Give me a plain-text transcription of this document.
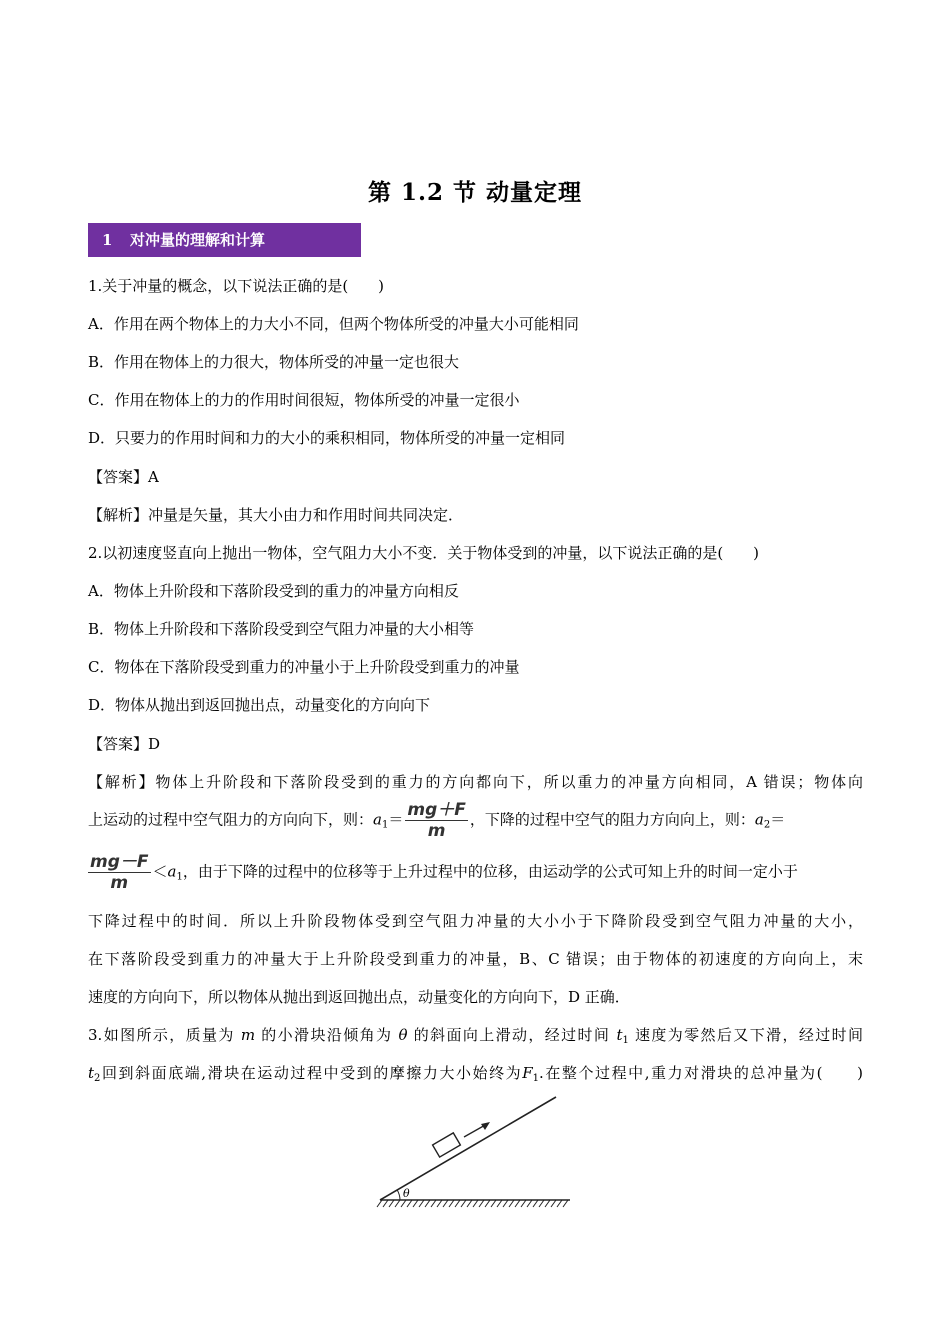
第 1.2 节 动量定理
1 对冲量的理解和计算
1.关于冲量的概念，以下说法正确的是(　　)
A．作用在两个物体上的力大小不同，但两个物体所受的冲量大小可能相同
B．作用在物体上的力很大，物体所受的冲量一定也很大
C．作用在物体上的力的作用时间很短，物体所受的冲量一定很小
D．只要力的作用时间和力的大小的乘积相同，物体所受的冲量一定相同
【答案】A
【解析】冲量是矢量，其大小由力和作用时间共同决定．
2.以初速度竖直向上抛出一物体，空气阻力大小不变．关于物体受到的冲量，以下说法正确的是(　　)
A．物体上升阶段和下落阶段受到的重力的冲量方向相反
B．物体上升阶段和下落阶段受到空气阻力冲量的大小相等
C．物体在下落阶段受到重力的冲量小于上升阶段受到重力的冲量
D．物体从抛出到返回抛出点，动量变化的方向向下
【答案】D
【解析】物体上升阶段和下落阶段受到的重力的方向都向下，所以重力的冲量方向相同，A 错误；物体向
上运动的过程中空气阻力的方向向下，则：$a_1= \frac{mg+F}{m}$ ，下降的过程中空气的阻力方向向上，则：$a_2=$
$\frac{mg-F}{m} <a_1$，由于下降的过程中的位移等于上升过程中的位移，由运动学的公式可知上升的时间一定小于
下降过程中的时间．所以上升阶段物体受到空气阻力冲量的大小小于下降阶段受到空气阻力冲量的大小，
在下落阶段受到重力的冲量大于上升阶段受到重力的冲量，B、C 错误；由于物体的初速度的方向向上，末
速度的方向向下，所以物体从抛出到返回抛出点，动量变化的方向向下，D 正确．
3.如图所示，质量为 m 的小滑块沿倾角为 θ 的斜面向上滑动，经过时间 $t_1$ 速度为零然后又下滑，经过时间
$t_2$回到斜面底端,滑块在运动过程中受到的摩擦力大小始终为$F_1$.在整个过程中,重力对滑块的总冲量为(　　)
θ
